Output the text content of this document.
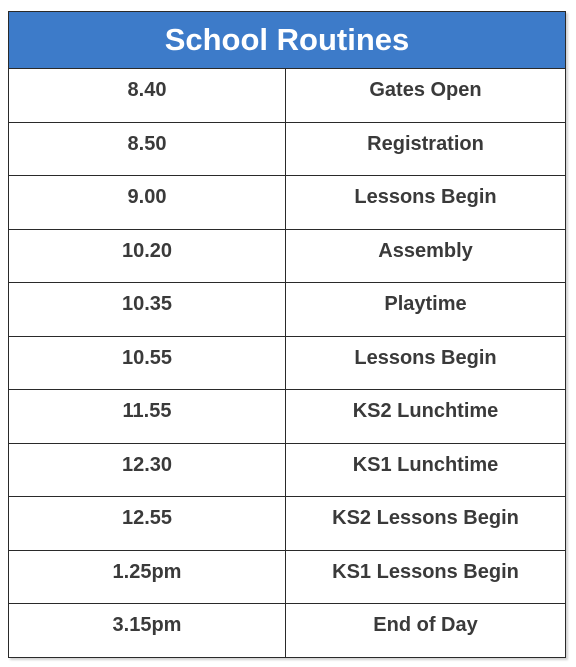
School Routines
8.40	Gates Open
8.50	Registration
9.00	Lessons Begin
10.20	Assembly
10.35	Playtime
10.55	Lessons Begin
11.55	KS2 Lunchtime
12.30	KS1 Lunchtime
12.55	KS2 Lessons Begin
1.25pm	KS1 Lessons Begin
3.15pm	End of Day
